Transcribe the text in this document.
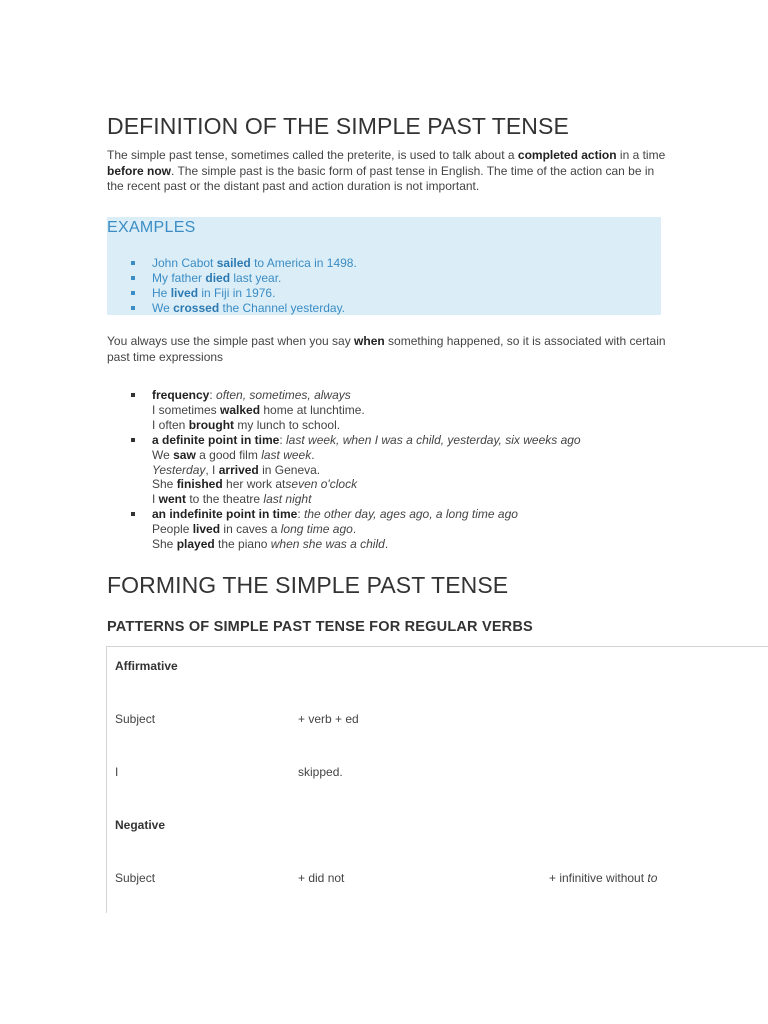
DEFINITION OF THE SIMPLE PAST TENSE

The simple past tense, sometimes called the preterite, is used to talk about a completed action in a time before now. The simple past is the basic form of past tense in English. The time of the action can be in the recent past or the distant past and action duration is not important.

EXAMPLES
John Cabot sailed to America in 1498.
My father died last year.
He lived in Fiji in 1976.
We crossed the Channel yesterday.

You always use the simple past when you say when something happened, so it is associated with certain past time expressions

frequency: often, sometimes, always
I sometimes walked home at lunchtime.
I often brought my lunch to school.
a definite point in time: last week, when I was a child, yesterday, six weeks ago
We saw a good film last week.
Yesterday, I arrived in Geneva.
She finished her work atseven o'clock
I went to the theatre last night
an indefinite point in time: the other day, ages ago, a long time ago
People lived in caves a long time ago.
She played the piano when she was a child.
FORMING THE SIMPLE PAST TENSE
PATTERNS OF SIMPLE PAST TENSE FOR REGULAR VERBS
Affirmative
Subject	+ verb + ed
I	skipped.
Negative
Subject	+ did not	+ infinitive without to
